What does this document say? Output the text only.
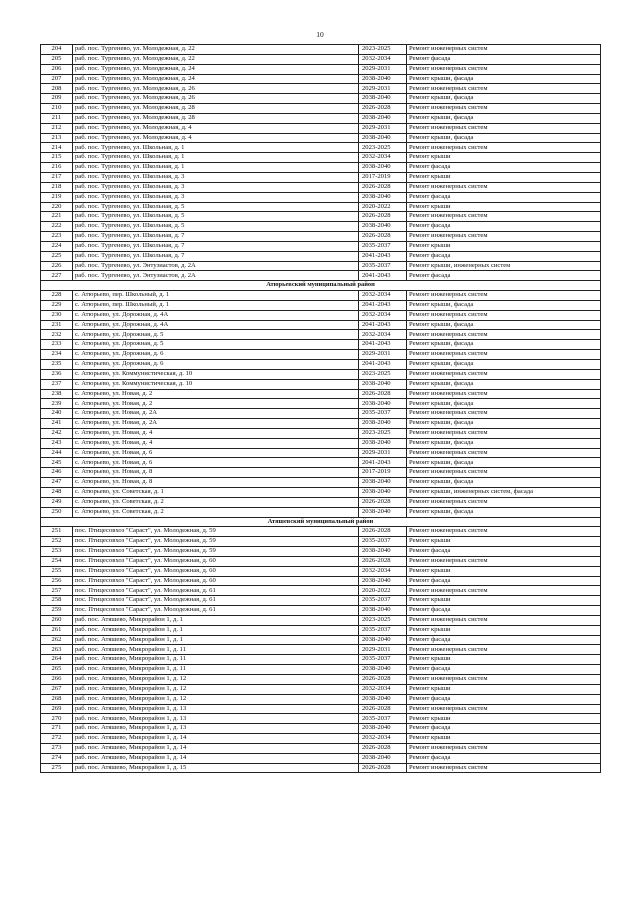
10
204	раб. пос. Тургенево, ул. Молодежная, д. 22	2023-2025	Ремонт инженерных систем
205	раб. пос. Тургенево, ул. Молодежная, д. 22	2032-2034	Ремонт фасада
206	раб. пос. Тургенево, ул. Молодежная, д. 24	2029-2031	Ремонт инженерных систем
207	раб. пос. Тургенево, ул. Молодежная, д. 24	2038-2040	Ремонт крыши, фасада
208	раб. пос. Тургенево, ул. Молодежная, д. 26	2029-2031	Ремонт инженерных систем
209	раб. пос. Тургенево, ул. Молодежная, д. 26	2038-2040	Ремонт крыши, фасада
210	раб. пос. Тургенево, ул. Молодежная, д. 28	2026-2028	Ремонт инженерных систем
211	раб. пос. Тургенево, ул. Молодежная, д. 28	2038-2040	Ремонт крыши, фасада
212	раб. пос. Тургенево, ул. Молодежная, д. 4	2029-2031	Ремонт инженерных систем
213	раб. пос. Тургенево, ул. Молодежная, д. 4	2038-2040	Ремонт крыши, фасада
214	раб. пос. Тургенево, ул. Школьная, д. 1	2023-2025	Ремонт инженерных систем
215	раб. пос. Тургенево, ул. Школьная, д. 1	2032-2034	Ремонт крыши
216	раб. пос. Тургенево, ул. Школьная, д. 1	2038-2040	Ремонт фасада
217	раб. пос. Тургенево, ул. Школьная, д. 3	2017-2019	Ремонт крыши
218	раб. пос. Тургенево, ул. Школьная, д. 3	2026-2028	Ремонт инженерных систем
219	раб. пос. Тургенево, ул. Школьная, д. 3	2038-2040	Ремонт фасада
220	раб. пос. Тургенево, ул. Школьная, д. 5	2020-2022	Ремонт крыши
221	раб. пос. Тургенево, ул. Школьная, д. 5	2026-2028	Ремонт инженерных систем
222	раб. пос. Тургенево, ул. Школьная, д. 5	2038-2040	Ремонт фасада
223	раб. пос. Тургенево, ул. Школьная, д. 7	2026-2028	Ремонт инженерных систем
224	раб. пос. Тургенево, ул. Школьная, д. 7	2035-2037	Ремонт крыши
225	раб. пос. Тургенево, ул. Школьная, д. 7	2041-2043	Ремонт фасада
226	раб. пос. Тургенево, ул. Энтузиастов, д. 2А	2035-2037	Ремонт крыши, инженерных систем
227	раб. пос. Тургенево, ул. Энтузиастов, д. 2А	2041-2043	Ремонт фасада
Атюрьевский муниципальный район			
228	с. Атюрьево, пер. Школьный, д. 1	2032-2034	Ремонт инженерных систем
229	с. Атюрьево, пер. Школьный, д. 1	2041-2043	Ремонт крыши, фасада
230	с. Атюрьево, ул. Дорожная, д. 4А	2032-2034	Ремонт инженерных систем
231	с. Атюрьево, ул. Дорожная, д. 4А	2041-2043	Ремонт крыши, фасада
232	с. Атюрьево, ул. Дорожная, д. 5	2032-2034	Ремонт инженерных систем
233	с. Атюрьево, ул. Дорожная, д. 5	2041-2043	Ремонт крыши, фасада
234	с. Атюрьево, ул. Дорожная, д. 6	2029-2031	Ремонт инженерных систем
235	с. Атюрьево, ул. Дорожная, д. 6	2041-2043	Ремонт крыши, фасада
236	с. Атюрьево, ул. Коммунистическая, д. 10	2023-2025	Ремонт инженерных систем
237	с. Атюрьево, ул. Коммунистическая, д. 10	2038-2040	Ремонт крыши, фасада
238	с. Атюрьево, ул. Новая, д. 2	2026-2028	Ремонт инженерных систем
239	с. Атюрьево, ул. Новая, д. 2	2038-2040	Ремонт крыши, фасада
240	с. Атюрьево, ул. Новая, д. 2А	2035-2037	Ремонт инженерных систем
241	с. Атюрьево, ул. Новая, д. 2А	2038-2040	Ремонт крыши, фасада
242	с. Атюрьево, ул. Новая, д. 4	2023-2025	Ремонт инженерных систем
243	с. Атюрьево, ул. Новая, д. 4	2038-2040	Ремонт крыши, фасада
244	с. Атюрьево, ул. Новая, д. 6	2029-2031	Ремонт инженерных систем
245	с. Атюрьево, ул. Новая, д. 6	2041-2043	Ремонт крыши, фасада
246	с. Атюрьево, ул. Новая, д. 8	2017-2019	Ремонт инженерных систем
247	с. Атюрьево, ул. Новая, д. 8	2038-2040	Ремонт крыши, фасада
248	с. Атюрьево, ул. Советская, д. 1	2038-2040	Ремонт крыши, инженерных систем, фасада
249	с. Атюрьево, ул. Советская, д. 2	2026-2028	Ремонт инженерных систем
250	с. Атюрьево, ул. Советская, д. 2	2038-2040	Ремонт крыши, фасада
Атяшевский муниципальный район			
251	пос. Птицесовхоз "Сараст", ул. Молодежная, д. 59	2026-2028	Ремонт инженерных систем
252	пос. Птицесовхоз "Сараст", ул. Молодежная, д. 59	2035-2037	Ремонт крыши
253	пос. Птицесовхоз "Сараст", ул. Молодежная, д. 59	2038-2040	Ремонт фасада
254	пос. Птицесовхоз "Сараст", ул. Молодежная, д. 60	2026-2028	Ремонт инженерных систем
255	пос. Птицесовхоз "Сараст", ул. Молодежная, д. 60	2032-2034	Ремонт крыши
256	пос. Птицесовхоз "Сараст", ул. Молодежная, д. 60	2038-2040	Ремонт фасада
257	пос. Птицесовхоз "Сараст", ул. Молодежная, д. 61	2020-2022	Ремонт инженерных систем
258	пос. Птицесовхоз "Сараст", ул. Молодежная, д. 61	2035-2037	Ремонт крыши
259	пос. Птицесовхоз "Сараст", ул. Молодежная, д. 61	2038-2040	Ремонт фасада
260	раб. пос. Атяшево, Микрорайон 1, д. 1	2023-2025	Ремонт инженерных систем
261	раб. пос. Атяшево, Микрорайон 1, д. 1	2035-2037	Ремонт крыши
262	раб. пос. Атяшево, Микрорайон 1, д. 1	2038-2040	Ремонт фасада
263	раб. пос. Атяшево, Микрорайон 1, д. 11	2029-2031	Ремонт инженерных систем
264	раб. пос. Атяшево, Микрорайон 1, д. 11	2035-2037	Ремонт крыши
265	раб. пос. Атяшево, Микрорайон 1, д. 11	2038-2040	Ремонт фасада
266	раб. пос. Атяшево, Микрорайон 1, д. 12	2026-2028	Ремонт инженерных систем
267	раб. пос. Атяшево, Микрорайон 1, д. 12	2032-2034	Ремонт крыши
268	раб. пос. Атяшево, Микрорайон 1, д. 12	2038-2040	Ремонт фасада
269	раб. пос. Атяшево, Микрорайон 1, д. 13	2026-2028	Ремонт инженерных систем
270	раб. пос. Атяшево, Микрорайон 1, д. 13	2035-2037	Ремонт крыши
271	раб. пос. Атяшево, Микрорайон 1, д. 13	2038-2040	Ремонт фасада
272	раб. пос. Атяшево, Микрорайон 1, д. 14	2032-2034	Ремонт крыши
273	раб. пос. Атяшево, Микрорайон 1, д. 14	2026-2028	Ремонт инженерных систем
274	раб. пос. Атяшево, Микрорайон 1, д. 14	2038-2040	Ремонт фасада
275	раб. пос. Атяшево, Микрорайон 1, д. 15	2026-2028	Ремонт инженерных систем
